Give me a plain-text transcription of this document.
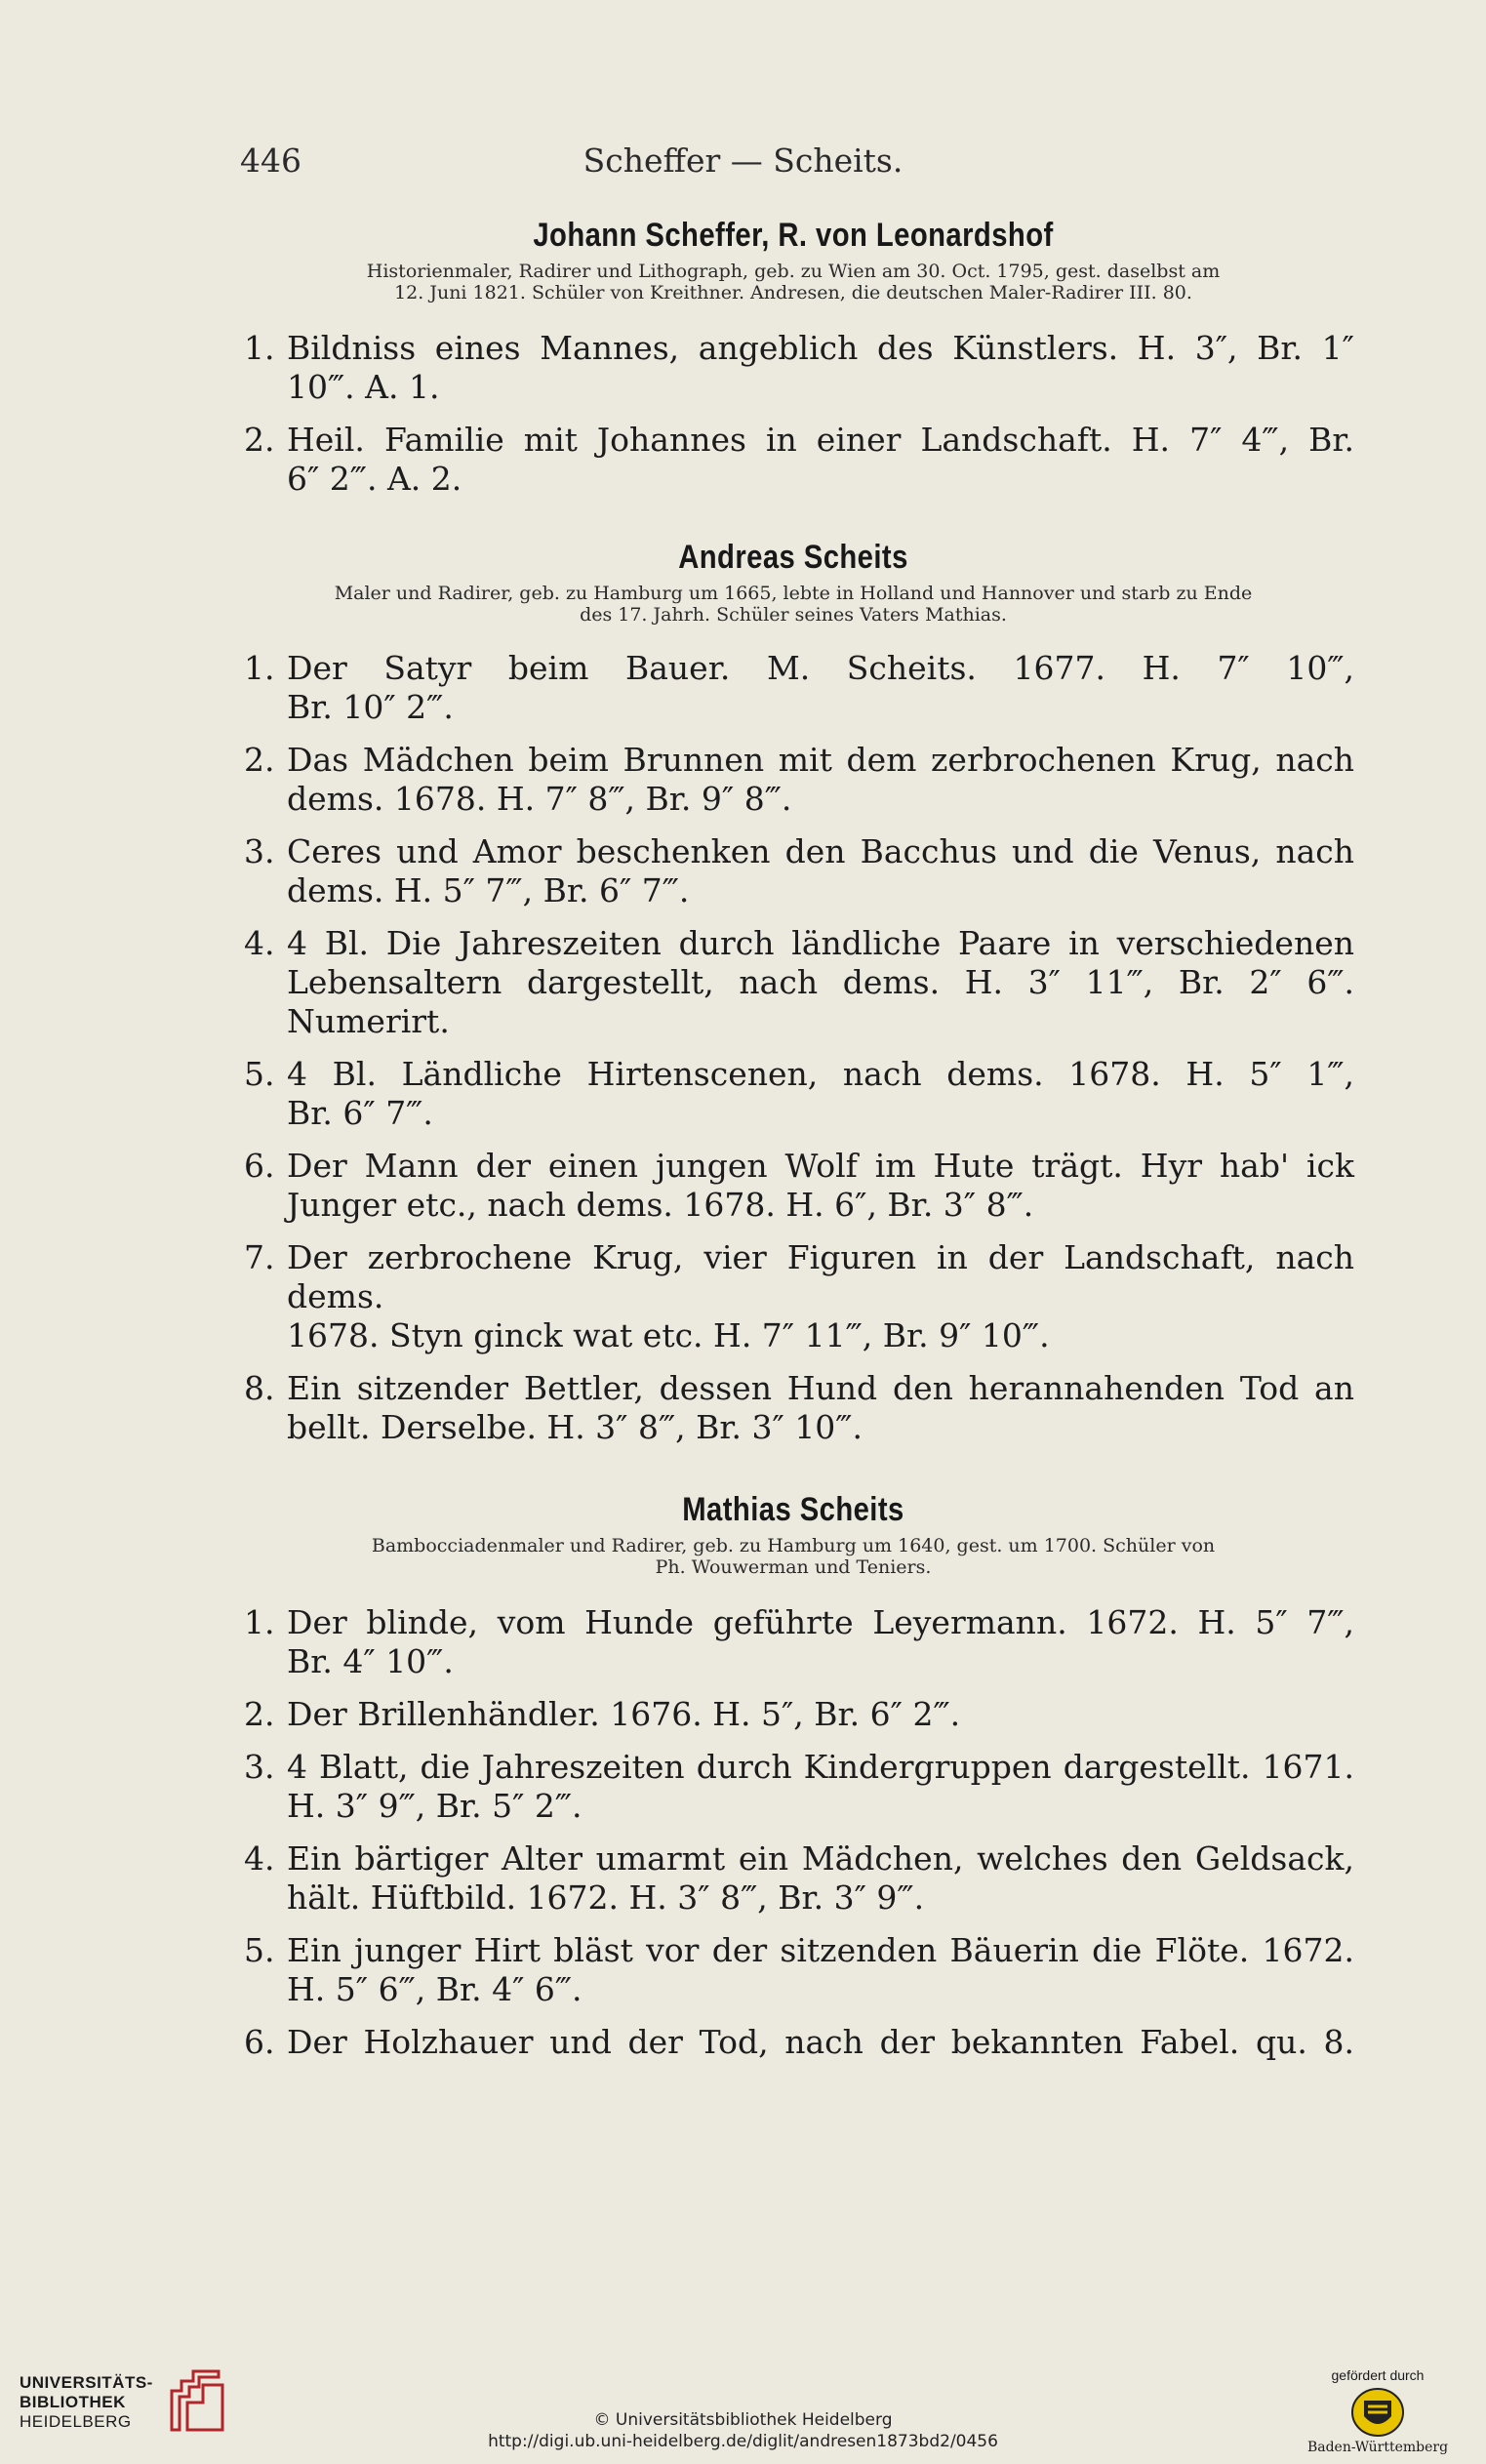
446	Scheffer — Scheits.
Johann Scheffer, R. von Leonardshof
Historienmaler, Radirer und Lithograph, geb. zu Wien am 30. Oct. 1795, gest. daselbst am
12. Juni 1821. Schüler von Kreithner. Andresen, die deutschen Maler-Radirer III. 80.
1. Bildniss eines Mannes, angeblich des Künstlers. H. 3″, Br. 1″
10‴. A. 1.
2. Heil. Familie mit Johannes in einer Landschaft. H. 7″ 4‴, Br.
6″ 2‴. A. 2.
Andreas Scheits
Maler und Radirer, geb. zu Hamburg um 1665, lebte in Holland und Hannover und starb zu Ende
des 17. Jahrh. Schüler seines Vaters Mathias.
1. Der Satyr beim Bauer. M. Scheits. 1677. H. 7″ 10‴,
Br. 10″ 2‴.
2. Das Mädchen beim Brunnen mit dem zerbrochenen Krug, nach
dems. 1678. H. 7″ 8‴, Br. 9″ 8‴.
3. Ceres und Amor beschenken den Bacchus und die Venus, nach
dems. H. 5″ 7‴, Br. 6″ 7‴.
4. 4 Bl. Die Jahreszeiten durch ländliche Paare in verschiedenen
Lebensaltern dargestellt, nach dems. H. 3″ 11‴, Br. 2″ 6‴.
Numerirt.
5. 4 Bl. Ländliche Hirtenscenen, nach dems. 1678. H. 5″ 1‴,
Br. 6″ 7‴.
6. Der Mann der einen jungen Wolf im Hute trägt. Hyr hab' ick
Junger etc., nach dems. 1678. H. 6″, Br. 3″ 8‴.
7. Der zerbrochene Krug, vier Figuren in der Landschaft, nach dems.
1678. Styn ginck wat etc. H. 7″ 11‴, Br. 9″ 10‴.
8. Ein sitzender Bettler, dessen Hund den herannahenden Tod an
bellt. Derselbe. H. 3″ 8‴, Br. 3″ 10‴.
Mathias Scheits
Bambocciadenmaler und Radirer, geb. zu Hamburg um 1640, gest. um 1700. Schüler von
Ph. Wouwerman und Teniers.
1. Der blinde, vom Hunde geführte Leyermann. 1672. H. 5″ 7‴,
Br. 4″ 10‴.
2. Der Brillenhändler. 1676. H. 5″, Br. 6″ 2‴.
3. 4 Blatt, die Jahreszeiten durch Kindergruppen dargestellt. 1671.
H. 3″ 9‴, Br. 5″ 2‴.
4. Ein bärtiger Alter umarmt ein Mädchen, welches den Geldsack,
hält. Hüftbild. 1672. H. 3″ 8‴, Br. 3″ 9‴.
5. Ein junger Hirt bläst vor der sitzenden Bäuerin die Flöte. 1672.
H. 5″ 6‴, Br. 4″ 6‴.
6. Der Holzhauer und der Tod, nach der bekannten Fabel. qu. 8.
UNIVERSITÄTS-
BIBLIOTHEK
HEIDELBERG	© Universitätsbibliothek Heidelberg
http://digi.ub.uni-heidelberg.de/diglit/andresen1873bd2/0456
gefördert durch
Baden-Württemberg
